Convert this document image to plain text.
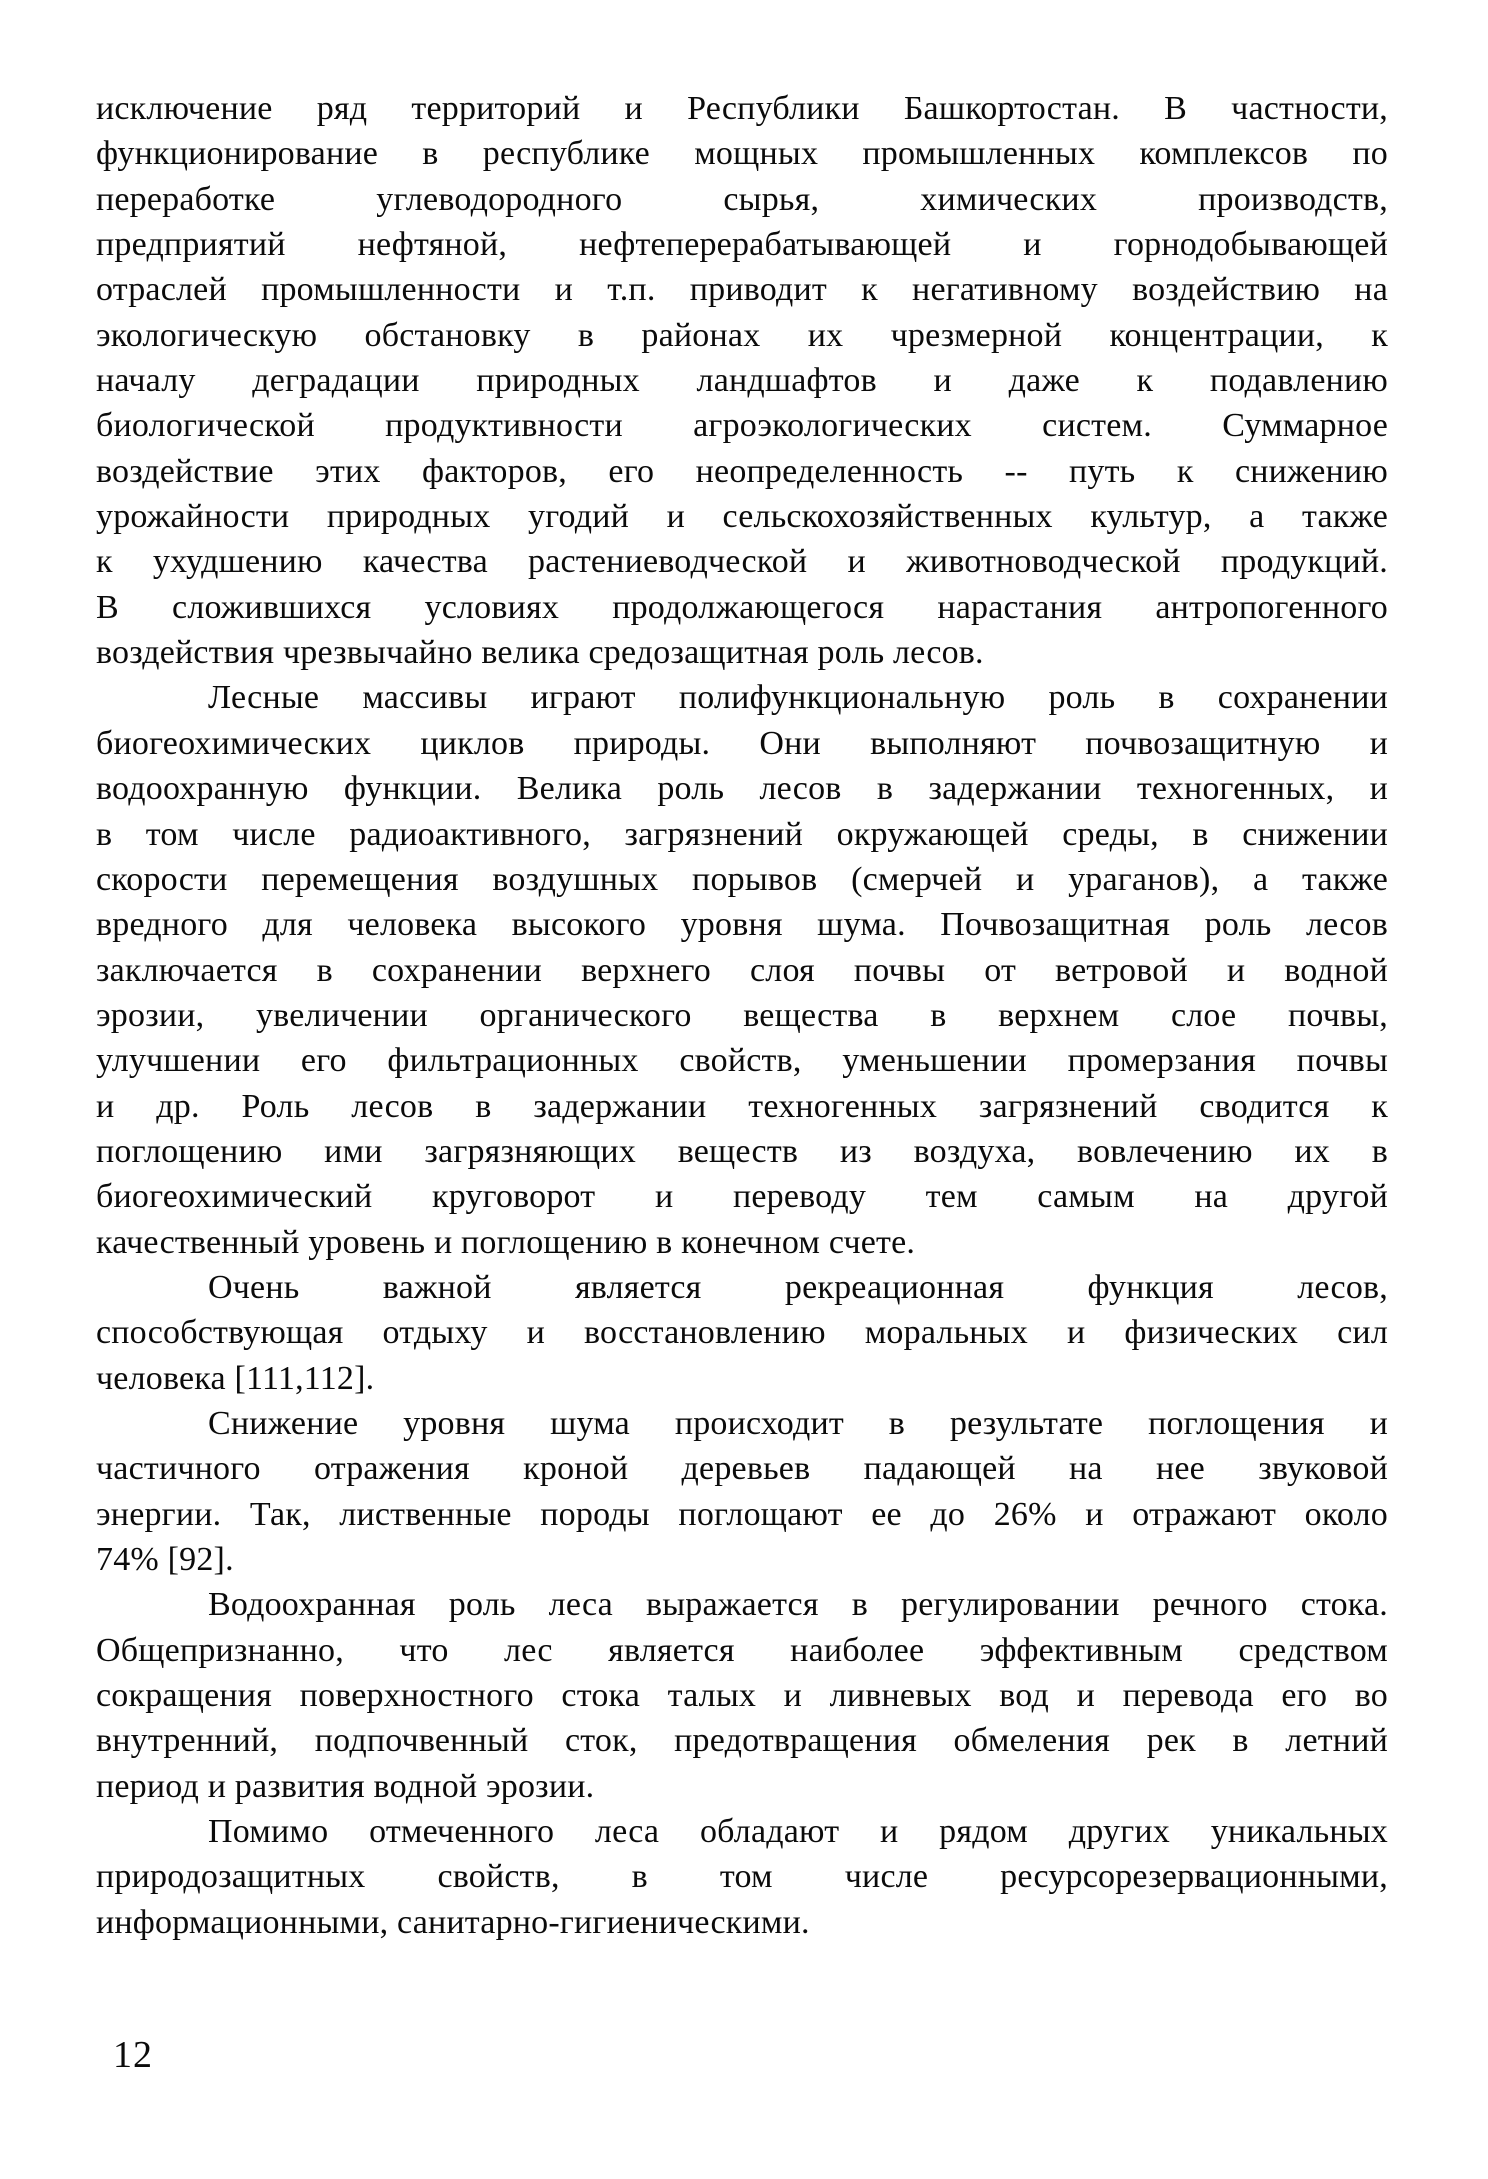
исключение ряд территорий и Республики Башкортостан. В частности,
функционирование в республике мощных промышленных комплексов по
переработке углеводородного сырья, химических производств,
предприятий нефтяной, нефтеперерабатывающей и горнодобывающей
отраслей промышленности и т.п. приводит к негативному воздействию на
экологическую обстановку в районах их чрезмерной концентрации, к
началу деградации природных ландшафтов и даже к подавлению
биологической продуктивности агроэкологических систем. Суммарное
воздействие этих факторов, его неопределенность -- путь к снижению
урожайности природных угодий и сельскохозяйственных культур, а также
к ухудшению качества растениеводческой и животноводческой продукций.
В сложившихся условиях продолжающегося нарастания антропогенного
воздействия чрезвычайно велика средозащитная роль лесов.
Лесные массивы играют полифункциональную роль в сохранении
биогеохимических циклов природы. Они выполняют почвозащитную и
водоохранную функции. Велика роль лесов в задержании техногенных, и
в том числе радиоактивного, загрязнений окружающей среды, в снижении
скорости перемещения воздушных порывов (смерчей и ураганов), а также
вредного для человека высокого уровня шума. Почвозащитная роль лесов
заключается в сохранении верхнего слоя почвы от ветровой и водной
эрозии, увеличении органического вещества в верхнем слое почвы,
улучшении его фильтрационных свойств, уменьшении промерзания почвы
и др. Роль лесов в задержании техногенных загрязнений сводится к
поглощению ими загрязняющих веществ из воздуха, вовлечению их в
биогеохимический круговорот и переводу тем самым на другой
качественный уровень и поглощению в конечном счете.
Очень важной является рекреационная функция лесов,
способствующая отдыху и восстановлению моральных и физических сил
человека [111,112].
Снижение уровня шума происходит в результате поглощения и
частичного отражения кроной деревьев падающей на нее звуковой
энергии. Так, лиственные породы поглощают ее до 26% и отражают около
74% [92].
Водоохранная роль леса выражается в регулировании речного стока.
Общепризнанно, что лес является наиболее эффективным средством
сокращения поверхностного стока талых и ливневых вод и перевода его во
внутренний, подпочвенный сток, предотвращения обмеления рек в летний
период и развития водной эрозии.
Помимо отмеченного леса обладают и рядом других уникальных
природозащитных свойств, в том числе ресурсорезервационными,
информационными, санитарно-гигиеническими.
12
